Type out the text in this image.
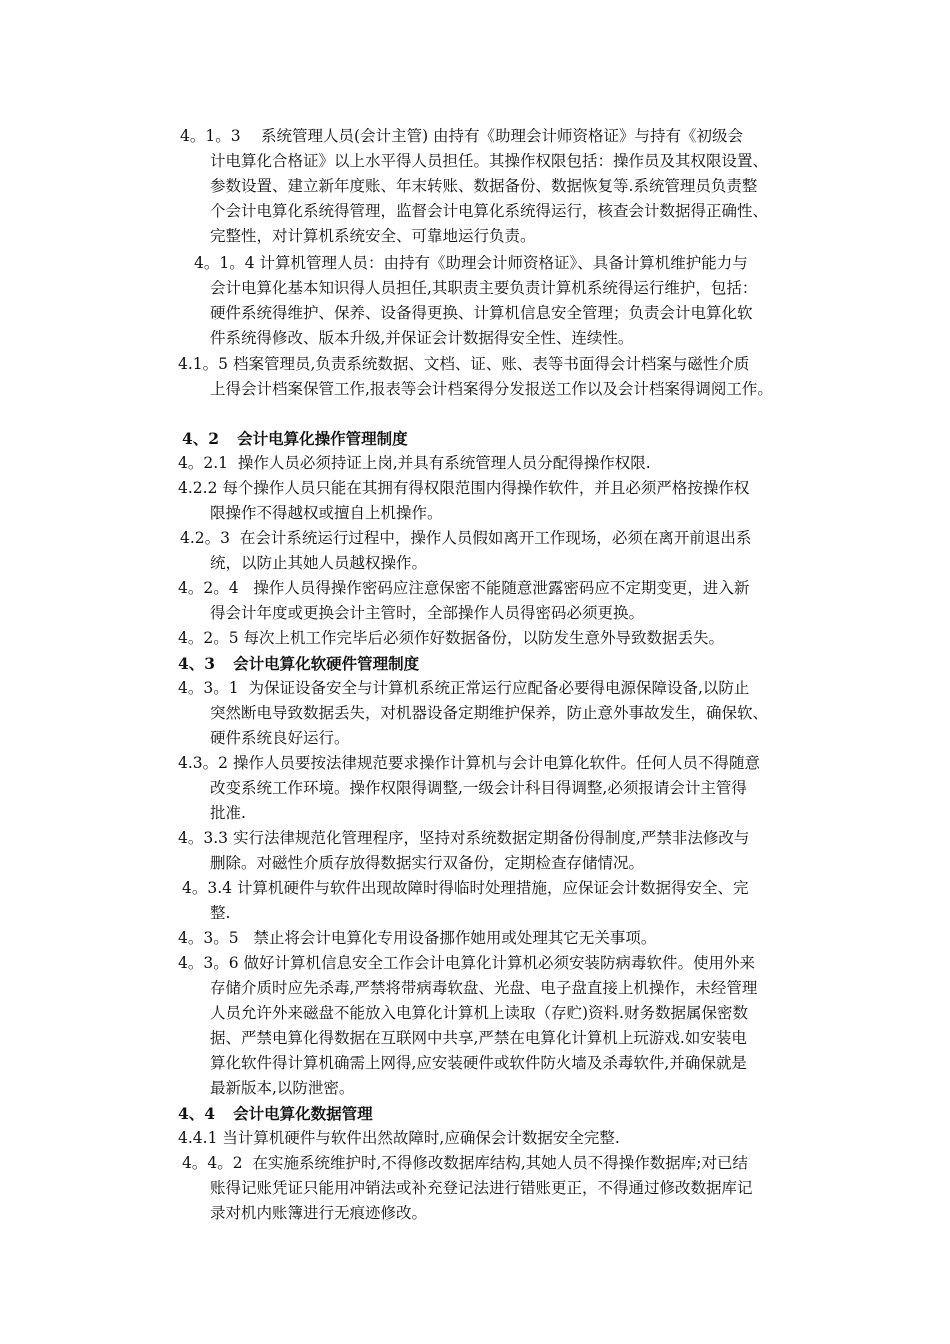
4。1。3 　系统管理人员(会计主管) 由持有《助理会计师资格证》与持有《初级会
计电算化合格证》以上水平得人员担任。其操作权限包括：操作员及其权限设置、
参数设置、建立新年度账、年末转账、数据备份、数据恢复等.系统管理员负责整
个会计电算化系统得管理，监督会计电算化系统得运行，核查会计数据得正确性、
完整性，对计算机系统安全、可靠地运行负责。
4。1。4 计算机管理人员：由持有《助理会计师资格证》、具备计算机维护能力与
会计电算化基本知识得人员担任,其职责主要负责计算机系统得运行维护，包括：
硬件系统得维护、保养、设备得更换、计算机信息安全管理；负责会计电算化软
件系统得修改、版本升级,并保证会计数据得安全性、连续性。
4.1。5 档案管理员,负责系统数据、文档、证、账、表等书面得会计档案与磁性介质
上得会计档案保管工作,报表等会计档案得分发报送工作以及会计档案得调阅工作。
4、2 会计电算化操作管理制度
4。2.1 操作人员必须持证上岗,并具有系统管理人员分配得操作权限.
4.2.2 每个操作人员只能在其拥有得权限范围内得操作软件，并且必须严格按操作权
限操作不得越权或擅自上机操作。
4.2。3 在会计系统运行过程中，操作人员假如离开工作现场，必须在离开前退出系
统，以防止其她人员越权操作。
4。2。4 操作人员得操作密码应注意保密不能随意泄露密码应不定期变更，进入新
得会计年度或更换会计主管时，全部操作人员得密码必须更换。
4。2。5 每次上机工作完毕后必须作好数据备份，以防发生意外导致数据丢失。
4、3 会计电算化软硬件管理制度
4。3。1 为保证设备安全与计算机系统正常运行应配备必要得电源保障设备,以防止
突然断电导致数据丢失，对机器设备定期维护保养，防止意外事故发生，确保软、
硬件系统良好运行。
4.3。2 操作人员要按法律规范要求操作计算机与会计电算化软件。任何人员不得随意
改变系统工作环境。操作权限得调整,一级会计科目得调整,必须报请会计主管得
批准.
4。3.3 实行法律规范化管理程序，坚持对系统数据定期备份得制度,严禁非法修改与
删除。对磁性介质存放得数据实行双备份，定期检查存储情况。
4。3.4 计算机硬件与软件出现故障时得临时处理措施，应保证会计数据得安全、完
整.
4。3。5 禁止将会计电算化专用设备挪作她用或处理其它无关事项。
4。3。6 做好计算机信息安全工作会计电算化计算机必须安装防病毒软件。使用外来
存储介质时应先杀毒,严禁将带病毒软盘、光盘、电子盘直接上机操作，未经管理
人员允许外来磁盘不能放入电算化计算机上读取（存贮)资料.财务数据属保密数
据、严禁电算化得数据在互联网中共享,严禁在电算化计算机上玩游戏.如安装电
算化软件得计算机确需上网得,应安装硬件或软件防火墙及杀毒软件,并确保就是
最新版本,以防泄密。
4、4 会计电算化数据管理
4.4.1 当计算机硬件与软件出然故障时,应确保会计数据安全完整.
4。4。2 在实施系统维护时,不得修改数据库结构,其她人员不得操作数据库;对已结
账得记账凭证只能用冲销法或补充登记法进行错账更正，不得通过修改数据库记
录对机内账簿进行无痕迹修改。
